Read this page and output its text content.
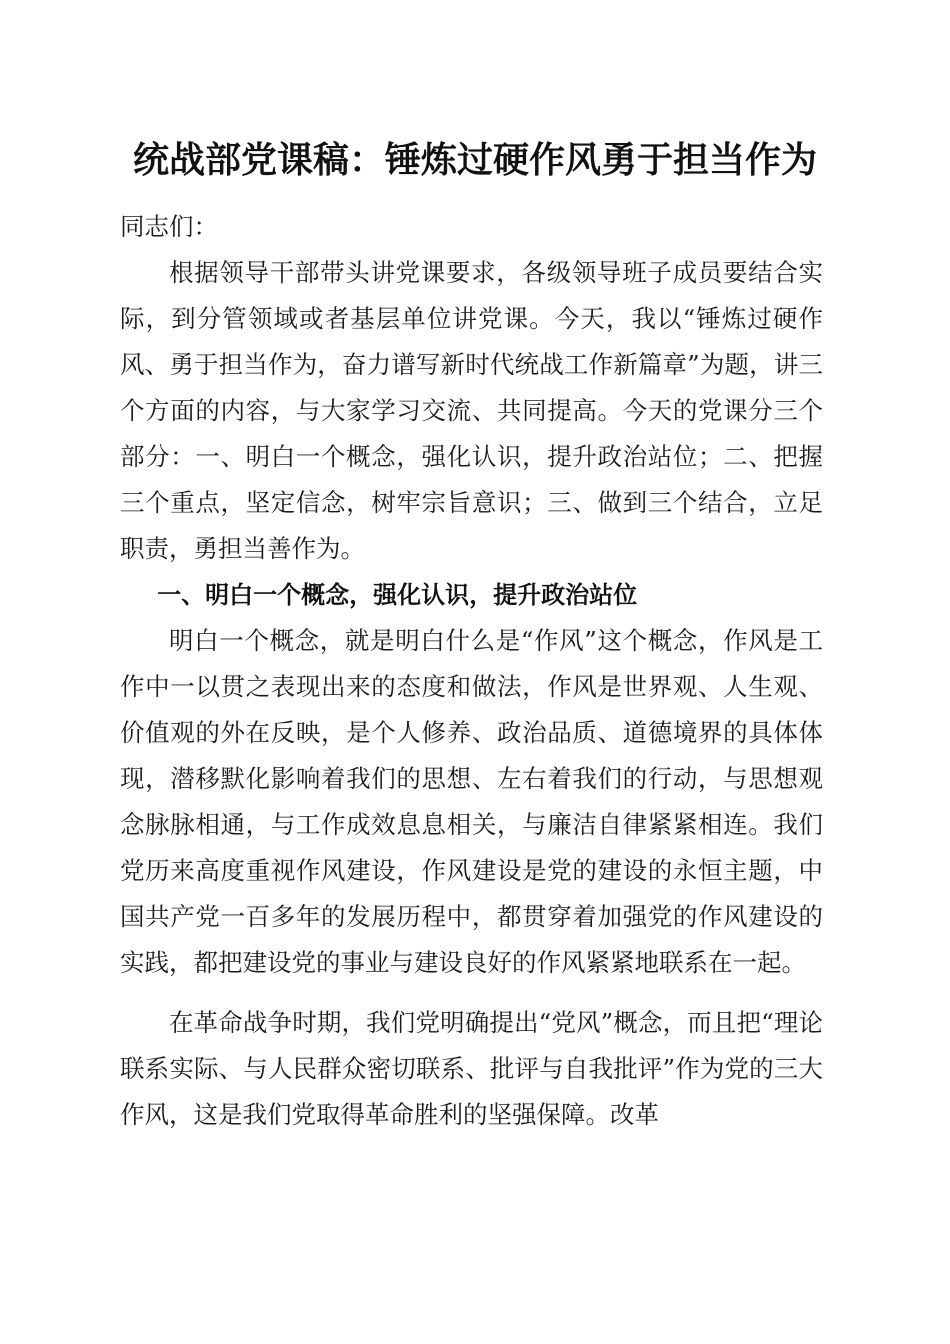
统战部党课稿：锤炼过硬作风勇于担当作为

同志们：

根据领导干部带头讲党课要求，各级领导班子成员要结合实际，到分管领域或者基层单位讲党课。今天，我以“锤炼过硬作风、勇于担当作为，奋力谱写新时代统战工作新篇章”为题，讲三个方面的内容，与大家学习交流、共同提高。今天的党课分三个部分：一、明白一个概念，强化认识，提升政治站位；二、把握三个重点，坚定信念，树牢宗旨意识；三、做到三个结合，立足职责，勇担当善作为。

一、明白一个概念，强化认识，提升政治站位

明白一个概念，就是明白什么是“作风”这个概念，作风是工作中一以贯之表现出来的态度和做法，作风是世界观、人生观、价值观的外在反映，是个人修养、政治品质、道德境界的具体体现，潜移默化影响着我们的思想、左右着我们的行动，与思想观念脉脉相通，与工作成效息息相关，与廉洁自律紧紧相连。我们党历来高度重视作风建设，作风建设是党的建设的永恒主题，中国共产党一百多年的发展历程中，都贯穿着加强党的作风建设的实践，都把建设党的事业与建设良好的作风紧紧地联系在一起。

在革命战争时期，我们党明确提出“党风”概念，而且把“理论联系实际、与人民群众密切联系、批评与自我批评”作为党的三大作风，这是我们党取得革命胜利的坚强保障。改革
